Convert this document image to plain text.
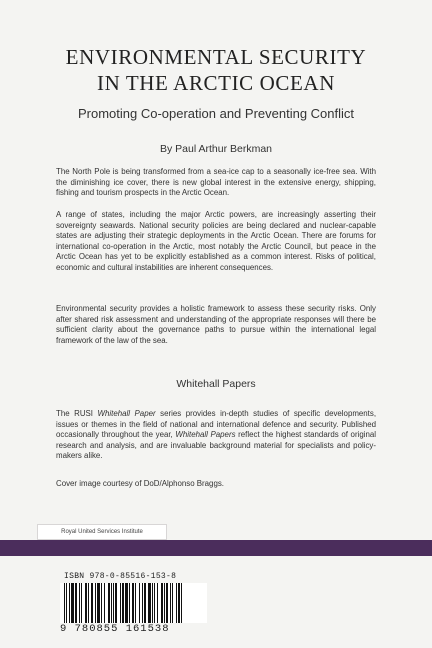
ENVIRONMENTAL SECURITY
IN THE ARCTIC OCEAN
Promoting Co-operation and Preventing Conflict
By Paul Arthur Berkman

The North Pole is being transformed from a sea-ice cap to a seasonally ice-free sea. With the diminishing ice cover, there is new global interest in the extensive energy, shipping, fishing and tourism prospects in the Arctic Ocean.

A range of states, including the major Arctic powers, are increasingly asserting their sovereignty seawards. National security policies are being declared and nuclear-capable states are adjusting their strategic deployments in the Arctic Ocean. There are forums for international co-operation in the Arctic, most notably the Arctic Council, but peace in the Arctic Ocean has yet to be explicitly established as a common interest. Risks of political, economic and cultural instabilities are inherent consequences.

Environmental security provides a holistic framework to assess these security risks. Only after shared risk assessment and understanding of the appropriate responses will there be sufficient clarity about the governance paths to pursue within the international legal framework of the law of the sea.

Whitehall Papers

The RUSI Whitehall Paper series provides in-depth studies of specific developments, issues or themes in the field of national and international defence and security. Published occasionally throughout the year, Whitehall Papers reflect the highest standards of original research and analysis, and are invaluable background material for specialists and policy-makers alike.

Cover image courtesy of DoD/Alphonso Braggs.

Royal United Services Institute
ISBN 978-0-85516-153-8
9 780855 161538
